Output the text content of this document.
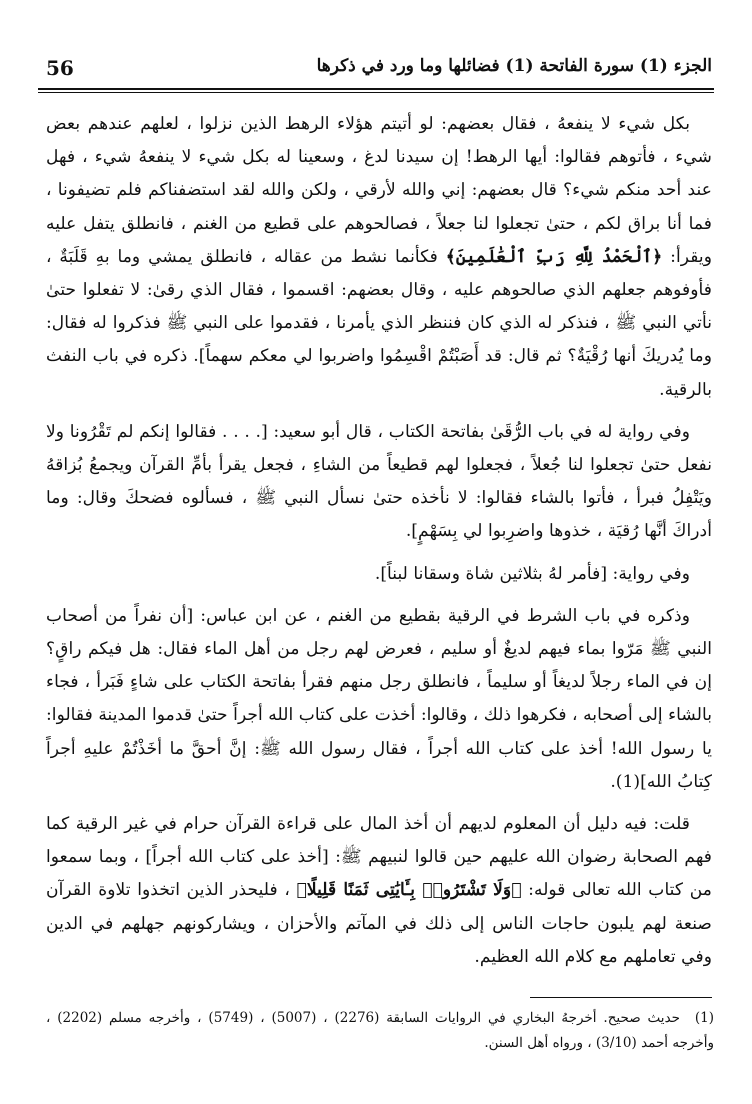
56	الجزء (1) سورة الفاتحة (1) فضائلها وما ورد في ذكرها

بكل شيء لا ينفعهُ ، فقال بعضهم: لو أتيتم هؤلاء الرهط الذين نزلوا ، لعلهم عندهم بعض شيء ، فأتوهم فقالوا: أيها الرهط! إن سيدنا لدغ ، وسعينا له بكل شيء لا ينفعهُ شيء ، فهل عند أحد منكم شيء؟ قال بعضهم: إني والله لأرقي ، ولكن والله لقد استضفناكم فلم تضيفونا ، فما أنا براق لكم ، حتىٰ تجعلوا لنا جعلاً ، فصالحوهم على قطيع من الغنم ، فانطلق يتفل عليه ويقرأ: ﴿ٱلْحَمْدُ لِلَّهِ رَبِّ ٱلْعَٰلَمِينَ﴾ فكأنما نشط من عقاله ، فانطلق يمشي وما بهِ قَلَبَةٌ ، فأوفوهم جعلهم الذي صالحوهم عليه ، وقال بعضهم: اقسموا ، فقال الذي رقىٰ: لا تفعلوا حتىٰ نأتي النبي ﷺ ، فنذكر له الذي كان فننظر الذي يأمرنا ، فقدموا على النبي ﷺ فذكروا له فقال: وما يُدريكَ أنها رُقْيَةٌ؟ ثم قال: قد أَصَبْتُمْ اقْسِمُوا واضربوا لي معكم سهماً]. ذكره في باب النفث بالرقية.

وفي رواية له في باب الرُّقَىٰ بفاتحة الكتاب ، قال أبو سعيد: [. . . . فقالوا إنكم لم تَقْرُونا ولا نفعل حتىٰ تجعلوا لنا جُعلاً ، فجعلوا لهم قطيعاً من الشاءِ ، فجعل يقرأ بأمِّ القرآن ويجمعُ بُزاقهُ ويَتْفِلُ فبرأ ، فأتوا بالشاء فقالوا: لا نأخذه حتىٰ نسأل النبي ﷺ ، فسألوه فضحكَ وقال: وما أدراكَ أنَّها رُقيَة ، خذوها واضرِبوا لي بِسَهْمٍ].

وفي رواية: [فأمر لهُ بثلاثين شاة وسقانا لبناً].

وذكره في باب الشرط في الرقية بقطيع من الغنم ، عن ابن عباس: [أن نفراً من أصحاب النبي ﷺ مَرّوا بماء فيهم لديغٌ أو سليم ، فعرض لهم رجل من أهل الماء فقال: هل فيكم راقٍ؟ إن في الماء رجلاً لديغاً أو سليماً ، فانطلق رجل منهم فقرأ بفاتحة الكتاب على شاءٍ فَبَرأ ، فجاء بالشاء إلى أصحابه ، فكرهوا ذلك ، وقالوا: أخذت على كتاب الله أجراً حتىٰ قدموا المدينة فقالوا: يا رسول الله! أخذ على كتاب الله أجراً ، فقال رسول الله ﷺ: إنَّ أحقَّ ما أخَذْتُمْ عليهِ أجراً كِتابُ الله](1).

قلت: فيه دليل أن المعلوم لديهم أن أخذ المال على قراءة القرآن حرام في غير الرقية كما فهم الصحابة رضوان الله عليهم حين قالوا لنبيهم ﷺ: [أخذ على كتاب الله أجراً] ، وبما سمعوا من كتاب الله تعالى قوله: ﴿وَلَا تَشْتَرُوا۟ بِـَٔايَٰتِى ثَمَنًا قَلِيلًا﴾ ، فليحذر الذين اتخذوا تلاوة القرآن صنعة لهم يلبون حاجات الناس إلى ذلك في المآتم والأحزان ، ويشاركونهم جهلهم في الدين وفي تعاملهم مع كلام الله العظيم.

(1)حديث صحيح. أخرجهُ البخاري في الروايات السابقة (2276) ، (5007) ، (5749) ، وأخرجه مسلم (2202) ، وأخرجه أحمد (3/10) ، ورواه أهل السنن.
